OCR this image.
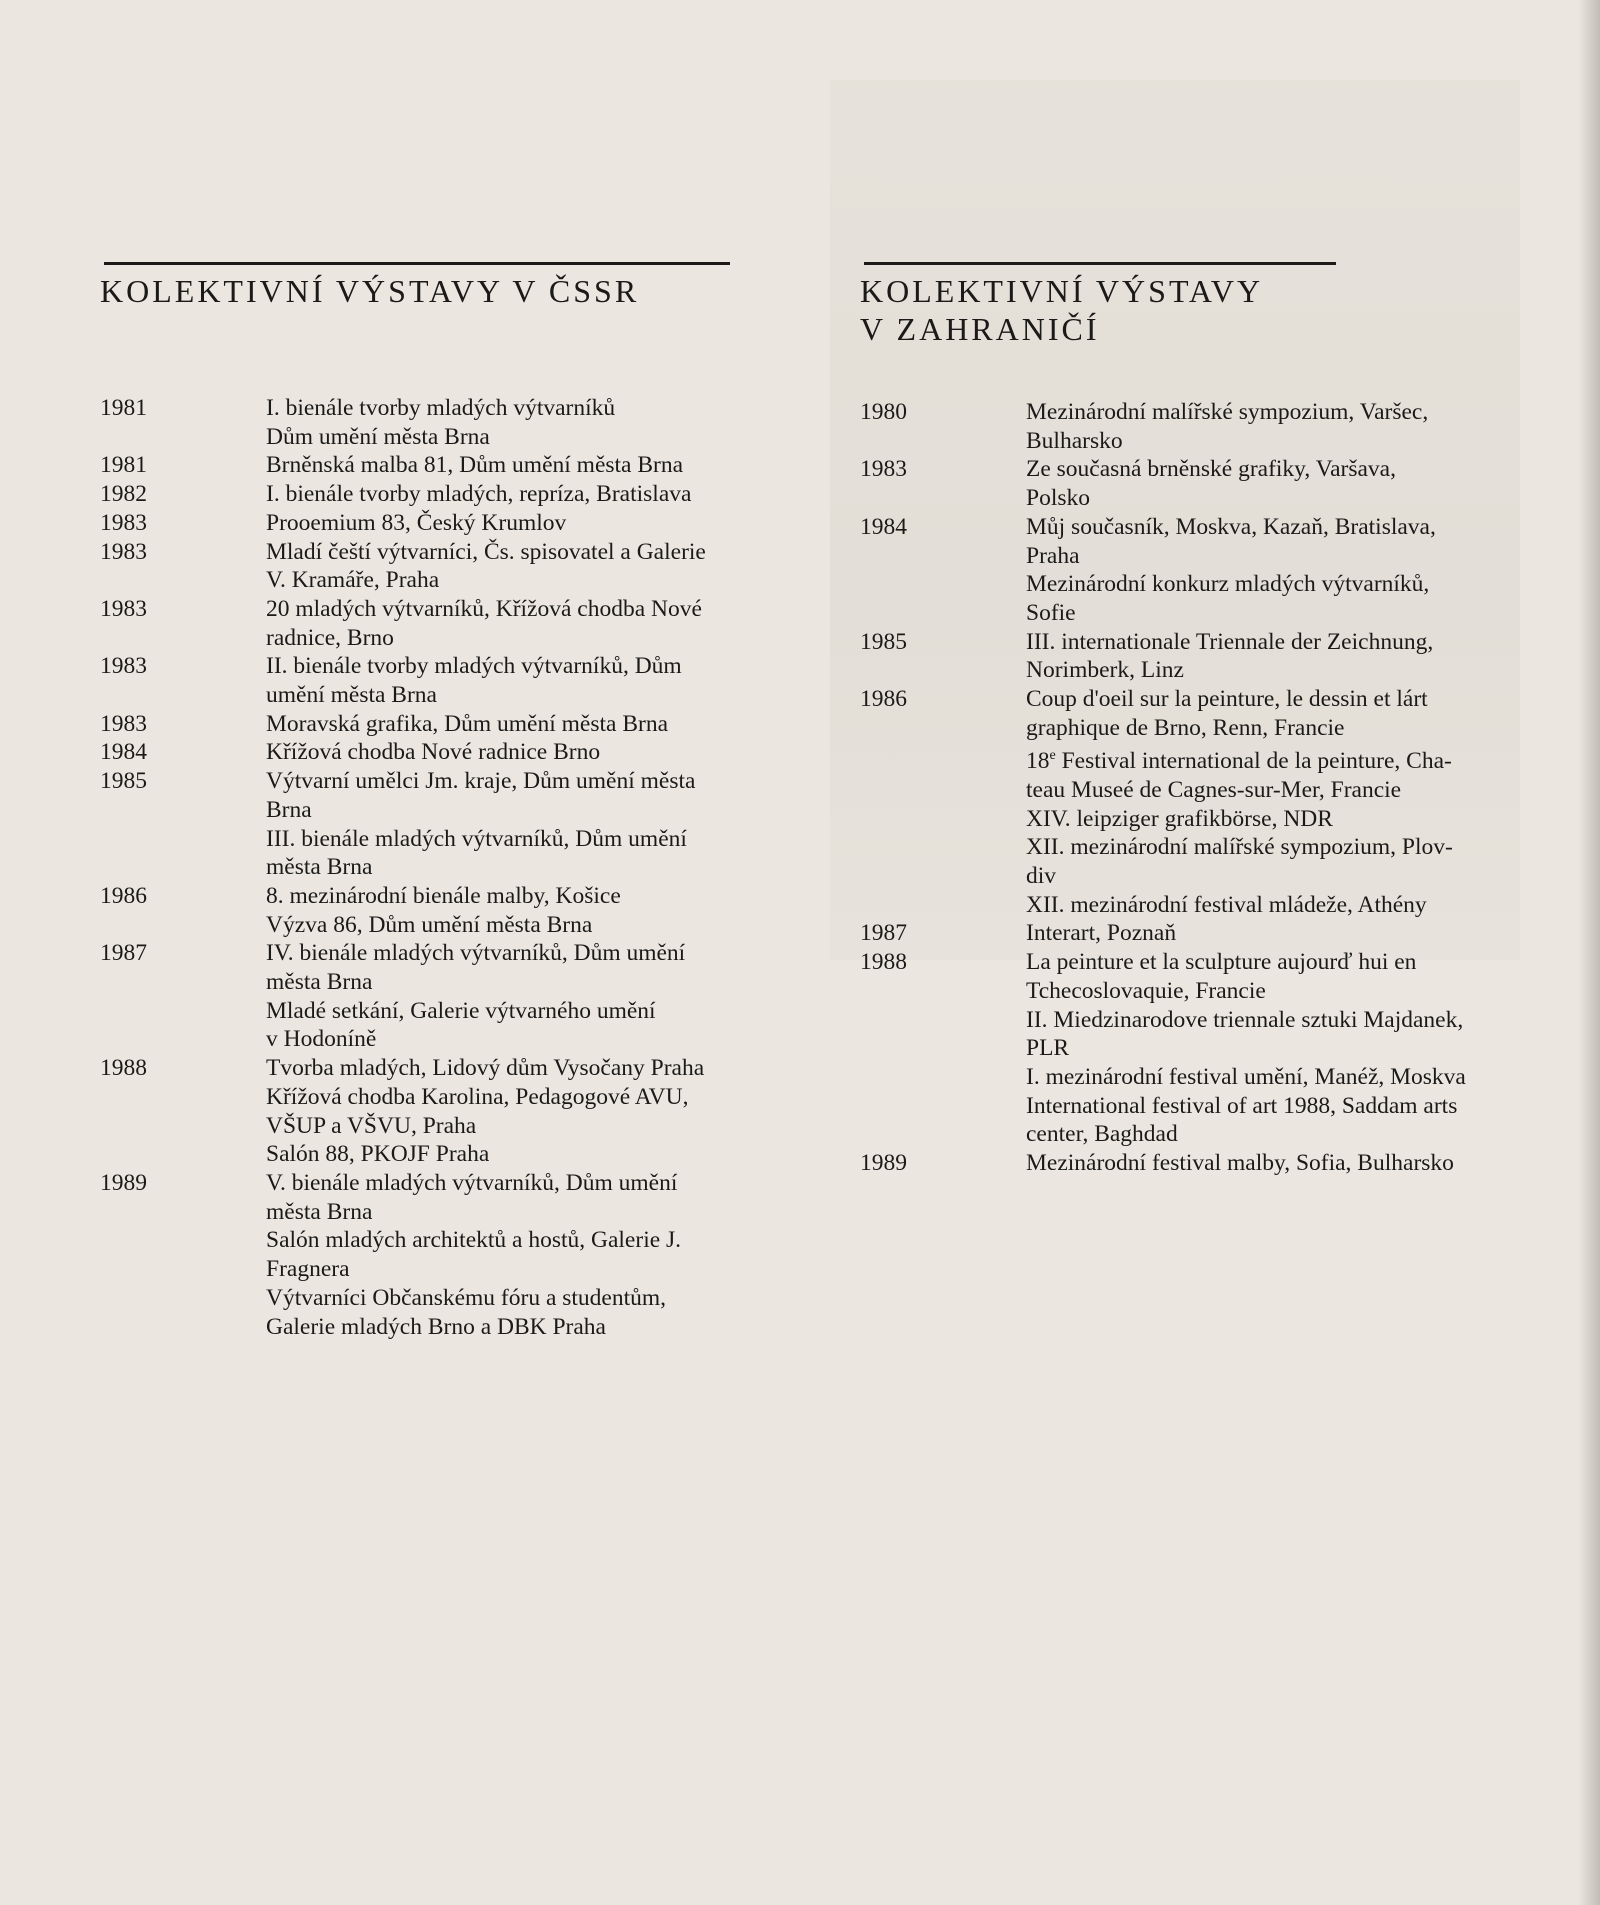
KOLEKTIVNÍ VÝSTAVY V ČSSR	KOLEKTIVNÍ VÝSTAVY
V ZAHRANIČÍ
1981	I. bienále tvorby mladých výtvarníků
Dům umění města Brna
1981	Brněnská malba 81, Dům umění města Brna
1982	I. bienále tvorby mladých, repríza, Bratislava
1983	Prooemium 83, Český Krumlov
1983	Mladí čeští výtvarníci, Čs. spisovatel a Galerie
V. Kramáře, Praha
1983	20 mladých výtvarníků, Křížová chodba Nové
radnice, Brno
1983	II. bienále tvorby mladých výtvarníků, Dům
umění města Brna
1983	Moravská grafika, Dům umění města Brna
1984	Křížová chodba Nové radnice Brno
1985	Výtvarní umělci Jm. kraje, Dům umění města
Brna
III. bienále mladých výtvarníků, Dům umění
města Brna
1986	8. mezinárodní bienále malby, Košice
Výzva 86, Dům umění města Brna
1987	IV. bienále mladých výtvarníků, Dům umění
města Brna
Mladé setkání, Galerie výtvarného umění
v Hodoníně
1988	Tvorba mladých, Lidový dům Vysočany Praha
Křížová chodba Karolina, Pedagogové AVU,
VŠUP a VŠVU, Praha
Salón 88, PKOJF Praha
1989	V. bienále mladých výtvarníků, Dům umění
města Brna
Salón mladých architektů a hostů, Galerie J.
Fragnera
Výtvarníci Občanskému fóru a studentům,
Galerie mladých Brno a DBK Praha
1980	Mezinárodní malířské sympozium, Varšec,
Bulharsko
1983	Ze současná brněnské grafiky, Varšava,
Polsko
1984	Můj současník, Moskva, Kazaň, Bratislava,
Praha
Mezinárodní konkurz mladých výtvarníků,
Sofie
1985	III. internationale Triennale der Zeichnung,
Norimberk, Linz
1986	Coup d'oeil sur la peinture, le dessin et lárt
graphique de Brno, Renn, Francie
18e Festival international de la peinture, Cha-
teau Museé de Cagnes-sur-Mer, Francie
XIV. leipziger grafikbörse, NDR
XII. mezinárodní malířské sympozium, Plov-
div
XII. mezinárodní festival mládeže, Athény
1987	Interart, Poznaň
1988	La peinture et la sculpture aujourď hui en
Tchecoslovaquie, Francie
II. Miedzinarodove triennale sztuki Majdanek,
PLR
I. mezinárodní festival umění, Manéž, Moskva
International festival of art 1988, Saddam arts
center, Baghdad
1989	Mezinárodní festival malby, Sofia, Bulharsko
